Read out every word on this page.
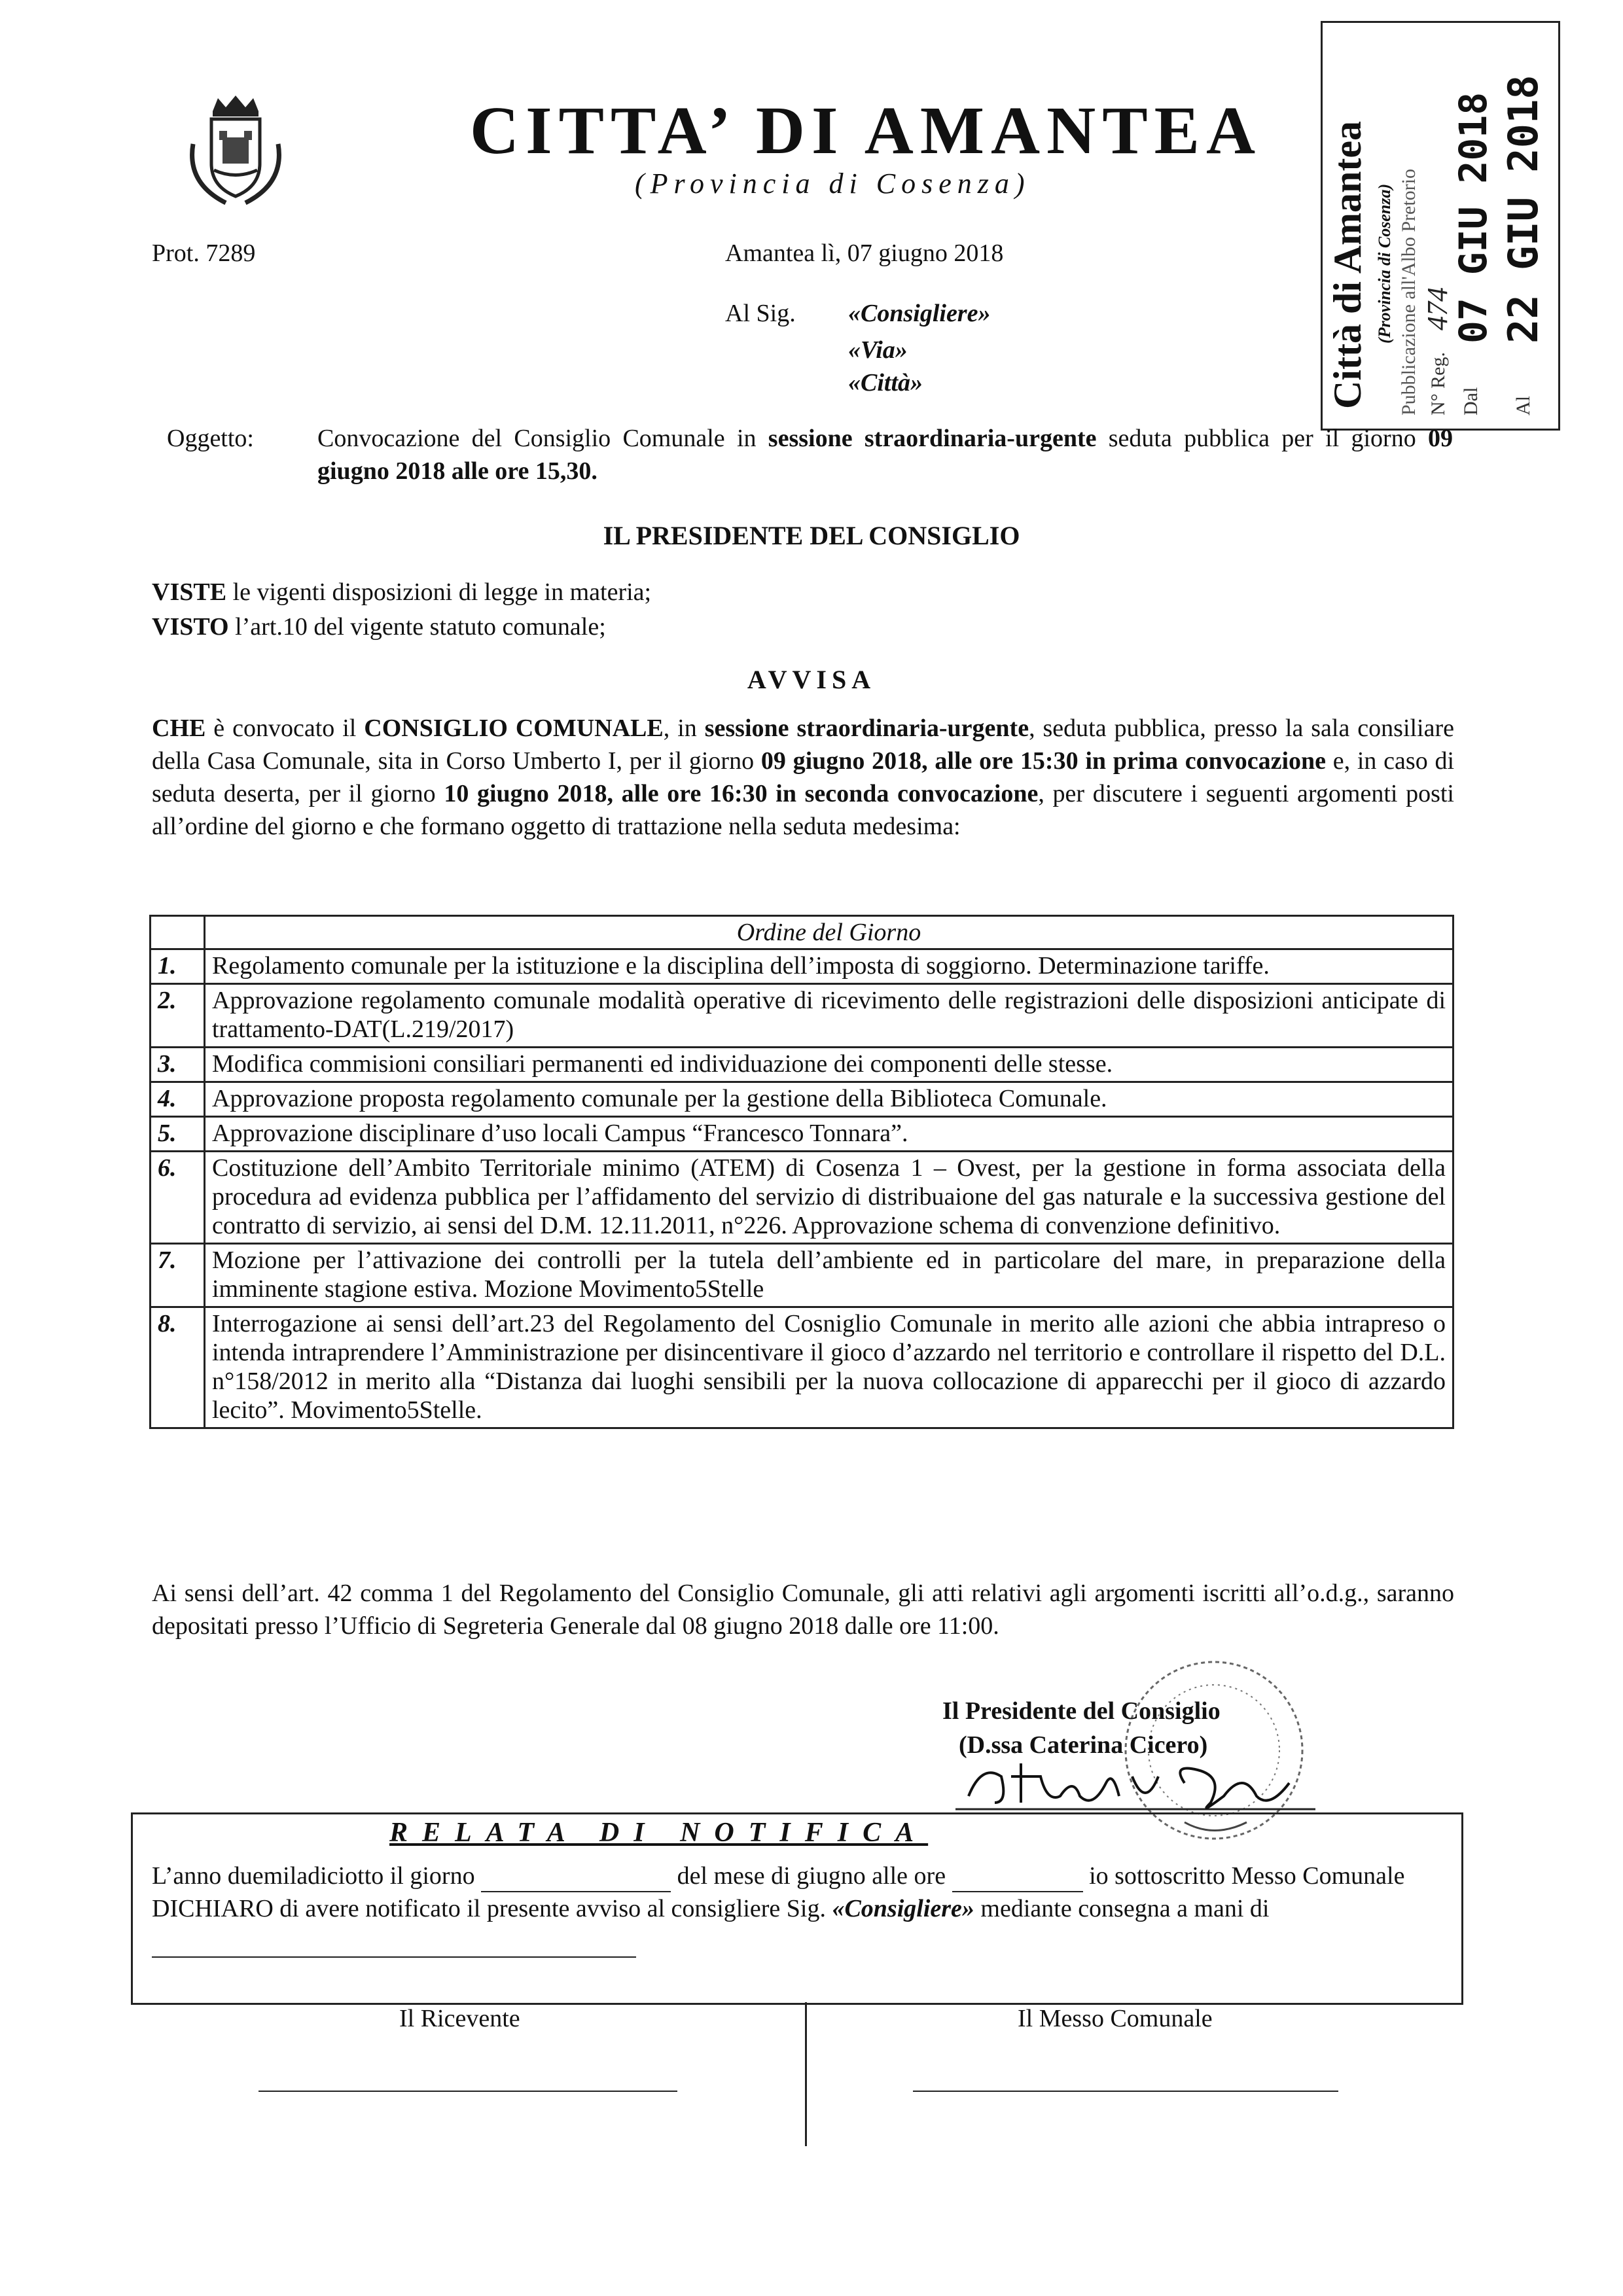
CITTA’ DI AMANTEA
(Provincia di Cosenza)	Città di Amantea (Provincia di Cosenza) Pubblicazione all'Albo Pretorio N° Reg.
474
Dal
07 GIU 2018
Al
22 GIU 2018
Prot. 7289	Amantea lì, 07 giugno 2018
Al Sig. «Consigliere»
«Via»
«Città»
Oggetto:	Convocazione del Consiglio Comunale in sessione straordinaria-urgente seduta pubblica per il giorno 09 giugno 2018 alle ore 15,30.
IL PRESIDENTE DEL CONSIGLIO
VISTE le vigenti disposizioni di legge in materia;
VISTO l’art.10 del vigente statuto comunale;
AVVISA
CHE è convocato il CONSIGLIO COMUNALE, in sessione straordinaria-urgente, seduta pubblica, presso la sala consiliare della Casa Comunale, sita in Corso Umberto I, per il giorno 09 giugno 2018, alle ore 15:30 in prima convocazione e, in caso di seduta deserta, per il giorno 10 giugno 2018, alle ore 16:30 in seconda convocazione, per discutere i seguenti argomenti posti all’ordine del giorno e che formano oggetto di trattazione nella seduta medesima:
	Ordine del Giorno
1.	Regolamento comunale per la istituzione e la disciplina dell’imposta di soggiorno. Determinazione tariffe.
2.	Approvazione regolamento comunale modalità operative di ricevimento delle registrazioni delle disposizioni anticipate di trattamento-DAT(L.219/2017)
3.	Modifica commisioni consiliari permanenti ed individuazione dei componenti delle stesse.
4.	Approvazione proposta regolamento comunale per la gestione della Biblioteca Comunale.
5.	Approvazione disciplinare d’uso locali Campus “Francesco Tonnara”.
6.	Costituzione dell’Ambito Territoriale minimo (ATEM) di Cosenza 1 – Ovest, per la gestione in forma associata della procedura ad evidenza pubblica per l’affidamento del servizio di distribuaione del gas naturale e la successiva gestione del contratto di servizio, ai sensi del D.M. 12.11.2011, n°226. Approvazione schema di convenzione definitivo.
7.	Mozione per l’attivazione dei controlli per la tutela dell’ambiente ed in particolare del mare, in preparazione della imminente stagione estiva. Mozione Movimento5Stelle
8.	Interrogazione ai sensi dell’art.23 del Regolamento del Cosniglio Comunale in merito alle azioni che abbia intrapreso o intenda intraprendere l’Amministrazione per disincentivare il gioco d’azzardo nel territorio e controllare il rispetto del D.L. n°158/2012 in merito alla “Distanza dai luoghi sensibili per la nuova collocazione di apparecchi per il gioco di azzardo lecito”. Movimento5Stelle.
Ai sensi dell’art. 42 comma 1 del Regolamento del Consiglio Comunale, gli atti relativi agli argomenti iscritti all’o.d.g., saranno depositati presso l’Ufficio di Segreteria Generale dal 08 giugno 2018 dalle ore 11:00.
Il Presidente del Consiglio
(D.ssa Caterina Cicero)
RELATA DI NOTIFICA
L’anno duemiladiciotto il giorno	del mese di giugno alle ore	io sottoscritto Messo Comunale DICHIARO di avere notificato il presente avviso al consigliere Sig. «Consigliere» mediante consegna a mani di
Il Ricevente	Il Messo Comunale
